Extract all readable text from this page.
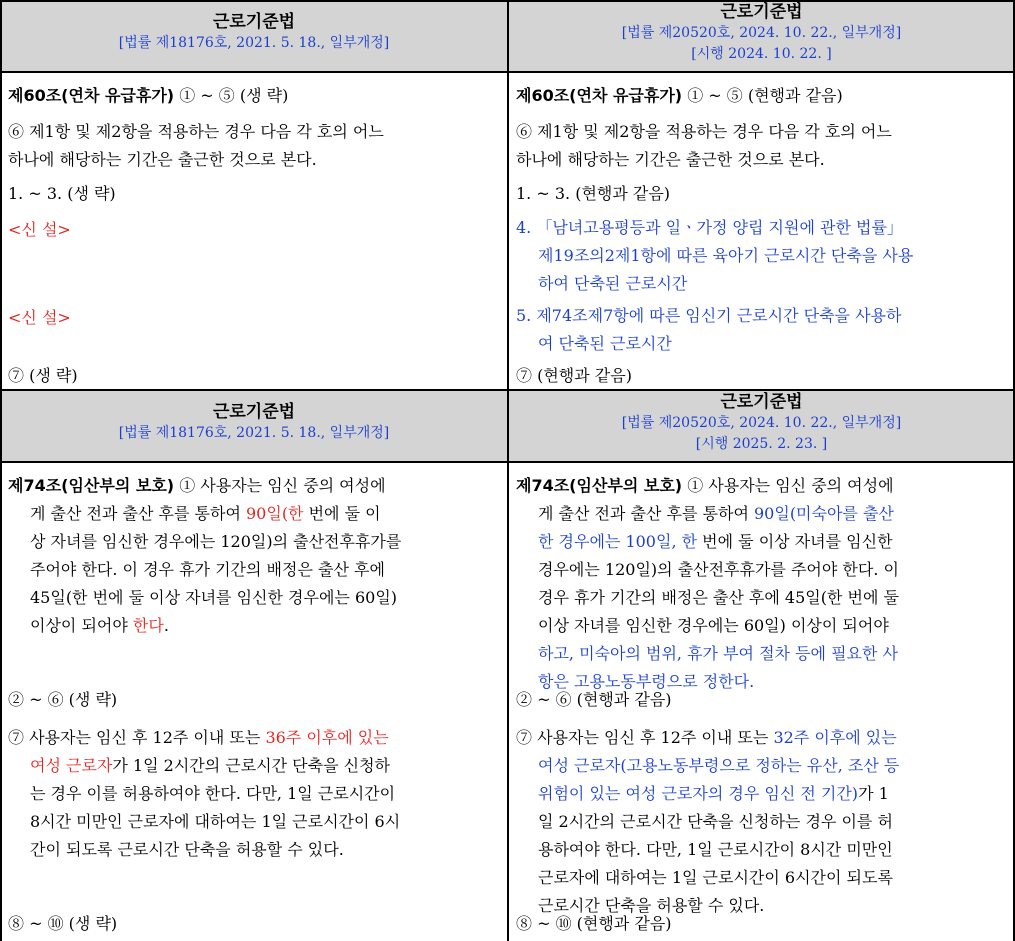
근로기준법
[법률 제18176호, 2021. 5. 18., 일부개정]
근로기준법
[법률 제20520호, 2024. 10. 22., 일부개정]
[시행 2024. 10. 22. ]
제60조(연차 유급휴가) ① ~ ⑤ (생 략)
⑥ 제1항 및 제2항을 적용하는 경우 다음 각 호의 어느
하나에 해당하는 기간은 출근한 것으로 본다.
1. ~ 3. (생 략)
<신 설>
<신 설>
⑦ (생 략)
제60조(연차 유급휴가) ① ~ ⑤ (현행과 같음)
⑥ 제1항 및 제2항을 적용하는 경우 다음 각 호의 어느
하나에 해당하는 기간은 출근한 것으로 본다.
1. ~ 3. (현행과 같음)
4. 「남녀고용평등과 일ㆍ가정 양립 지원에 관한 법률」
제19조의2제1항에 따른 육아기 근로시간 단축을 사용
하여 단축된 근로시간
5. 제74조제7항에 따른 임신기 근로시간 단축을 사용하
여 단축된 근로시간
⑦ (현행과 같음)
근로기준법
[법률 제18176호, 2021. 5. 18., 일부개정]
근로기준법
[법률 제20520호, 2024. 10. 22., 일부개정]
[시행 2025. 2. 23. ]
제74조(임산부의 보호) ① 사용자는 임신 중의 여성에
게 출산 전과 출산 후를 통하여 90일(한 번에 둘 이
상 자녀를 임신한 경우에는 120일)의 출산전후휴가를
주어야 한다. 이 경우 휴가 기간의 배정은 출산 후에
45일(한 번에 둘 이상 자녀를 임신한 경우에는 60일)
이상이 되어야 한다.
② ~ ⑥ (생 략)
⑦ 사용자는 임신 후 12주 이내 또는 36주 이후에 있는
여성 근로자가 1일 2시간의 근로시간 단축을 신청하
는 경우 이를 허용하여야 한다. 다만, 1일 근로시간이
8시간 미만인 근로자에 대하여는 1일 근로시간이 6시
간이 되도록 근로시간 단축을 허용할 수 있다.
⑧ ~ ⑩ (생 략)
제74조(임산부의 보호) ① 사용자는 임신 중의 여성에
게 출산 전과 출산 후를 통하여 90일(미숙아를 출산
한 경우에는 100일, 한 번에 둘 이상 자녀를 임신한
경우에는 120일)의 출산전후휴가를 주어야 한다. 이
경우 휴가 기간의 배정은 출산 후에 45일(한 번에 둘
이상 자녀를 임신한 경우에는 60일) 이상이 되어야
하고, 미숙아의 범위, 휴가 부여 절차 등에 필요한 사
항은 고용노동부령으로 정한다.
② ~ ⑥ (현행과 같음)
⑦ 사용자는 임신 후 12주 이내 또는 32주 이후에 있는
여성 근로자(고용노동부령으로 정하는 유산, 조산 등
위험이 있는 여성 근로자의 경우 임신 전 기간)가 1
일 2시간의 근로시간 단축을 신청하는 경우 이를 허
용하여야 한다. 다만, 1일 근로시간이 8시간 미만인
근로자에 대하여는 1일 근로시간이 6시간이 되도록
근로시간 단축을 허용할 수 있다.
⑧ ~ ⑩ (현행과 같음)
